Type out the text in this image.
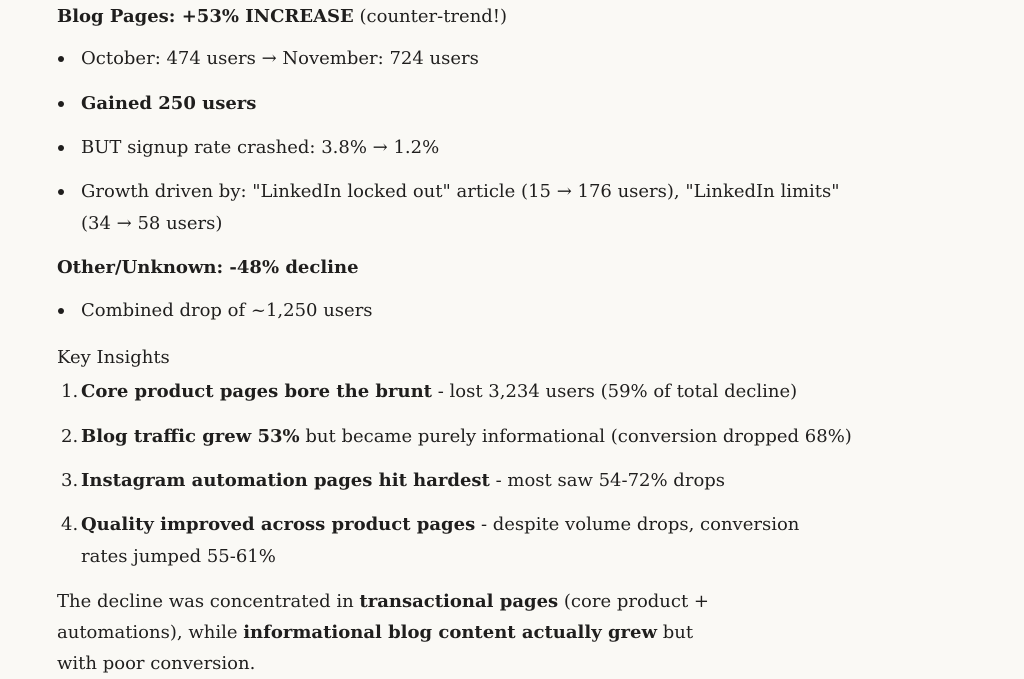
Blog Pages: +53% INCREASE (counter-trend!)
October: 474 users → November: 724 users
Gained 250 users
BUT signup rate crashed: 3.8% → 1.2%
Growth driven by: "LinkedIn locked out" article (15 → 176 users), "LinkedIn limits" (34 → 58 users)
Other/Unknown: -48% decline
Combined drop of ~1,250 users
Key Insights
1. Core product pages bore the brunt - lost 3,234 users (59% of total decline)
2. Blog traffic grew 53% but became purely informational (conversion dropped 68%)
3. Instagram automation pages hit hardest - most saw 54-72% drops
4. Quality improved across product pages - despite volume drops, conversion rates jumped 55-61%

The decline was concentrated in transactional pages (core product + automations), while informational blog content actually grew but with poor conversion.
